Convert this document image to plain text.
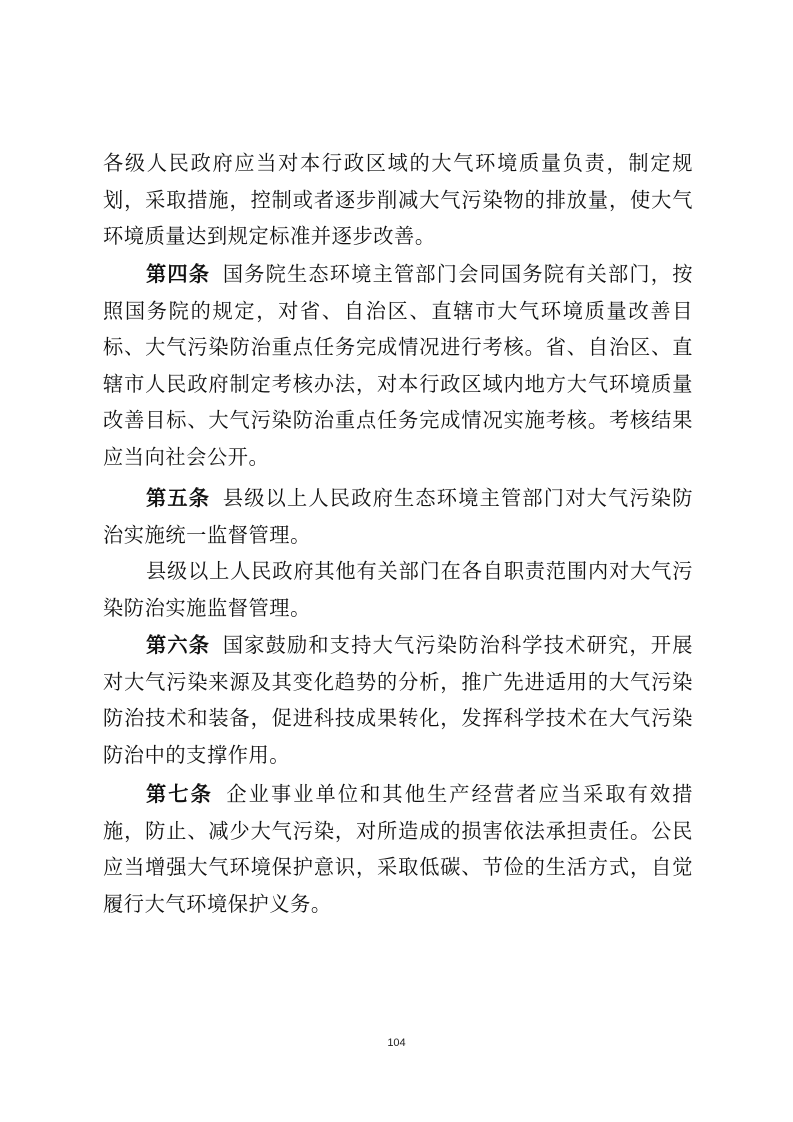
各级人民政府应当对本行政区域的大气环境质量负责，制定规划，采取措施，控制或者逐步削减大气污染物的排放量，使大气环境质量达到规定标准并逐步改善。

第四条 国务院生态环境主管部门会同国务院有关部门，按照国务院的规定，对省、自治区、直辖市大气环境质量改善目标、大气污染防治重点任务完成情况进行考核。省、自治区、直辖市人民政府制定考核办法，对本行政区域内地方大气环境质量改善目标、大气污染防治重点任务完成情况实施考核。考核结果应当向社会公开。

第五条 县级以上人民政府生态环境主管部门对大气污染防治实施统一监督管理。

县级以上人民政府其他有关部门在各自职责范围内对大气污染防治实施监督管理。

第六条 国家鼓励和支持大气污染防治科学技术研究，开展对大气污染来源及其变化趋势的分析，推广先进适用的大气污染防治技术和装备，促进科技成果转化，发挥科学技术在大气污染防治中的支撑作用。

第七条 企业事业单位和其他生产经营者应当采取有效措施，防止、减少大气污染，对所造成的损害依法承担责任。公民应当增强大气环境保护意识，采取低碳、节俭的生活方式，自觉履行大气环境保护义务。

104
